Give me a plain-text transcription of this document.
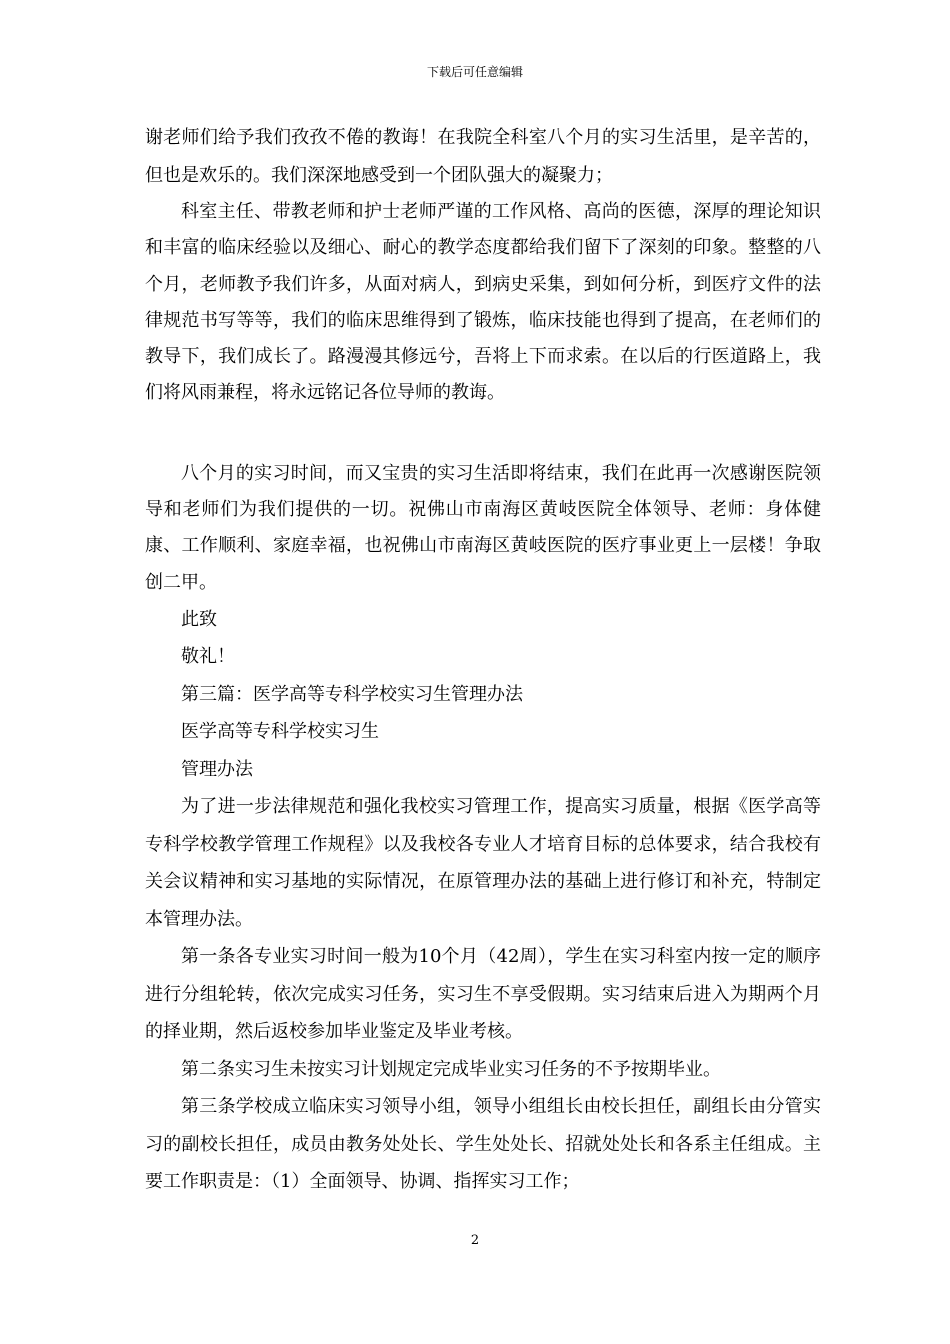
下载后可任意编辑

谢老师们给予我们孜孜不倦的教诲！在我院全科室八个月的实习生活里，是辛苦的，但也是欢乐的。我们深深地感受到一个团队强大的凝聚力；

科室主任、带教老师和护士老师严谨的工作风格、高尚的医德，深厚的理论知识和丰富的临床经验以及细心、耐心的教学态度都给我们留下了深刻的印象。整整的八个月，老师教予我们许多，从面对病人，到病史采集，到如何分析，到医疗文件的法律规范书写等等，我们的临床思维得到了锻炼，临床技能也得到了提高，在老师们的教导下，我们成长了。路漫漫其修远兮，吾将上下而求索。在以后的行医道路上，我们将风雨兼程，将永远铭记各位导师的教诲。

八个月的实习时间，而又宝贵的实习生活即将结束，我们在此再一次感谢医院领导和老师们为我们提供的一切。祝佛山市南海区黄岐医院全体领导、老师：身体健康、工作顺利、家庭幸福，也祝佛山市南海区黄岐医院的医疗事业更上一层楼！争取创二甲。

此致

敬礼！

第三篇：医学高等专科学校实习生管理办法

医学高等专科学校实习生

管理办法

为了进一步法律规范和强化我校实习管理工作，提高实习质量，根据《医学高等专科学校教学管理工作规程》以及我校各专业人才培育目标的总体要求，结合我校有关会议精神和实习基地的实际情况，在原管理办法的基础上进行修订和补充，特制定本管理办法。

第一条各专业实习时间一般为10个月（42周），学生在实习科室内按一定的顺序进行分组轮转，依次完成实习任务，实习生不享受假期。实习结束后进入为期两个月的择业期，然后返校参加毕业鉴定及毕业考核。

第二条实习生未按实习计划规定完成毕业实习任务的不予按期毕业。

第三条学校成立临床实习领导小组，领导小组组长由校长担任，副组长由分管实习的副校长担任，成员由教务处处长、学生处处长、招就处处长和各系主任组成。主要工作职责是：（1）全面领导、协调、指挥实习工作；

2
